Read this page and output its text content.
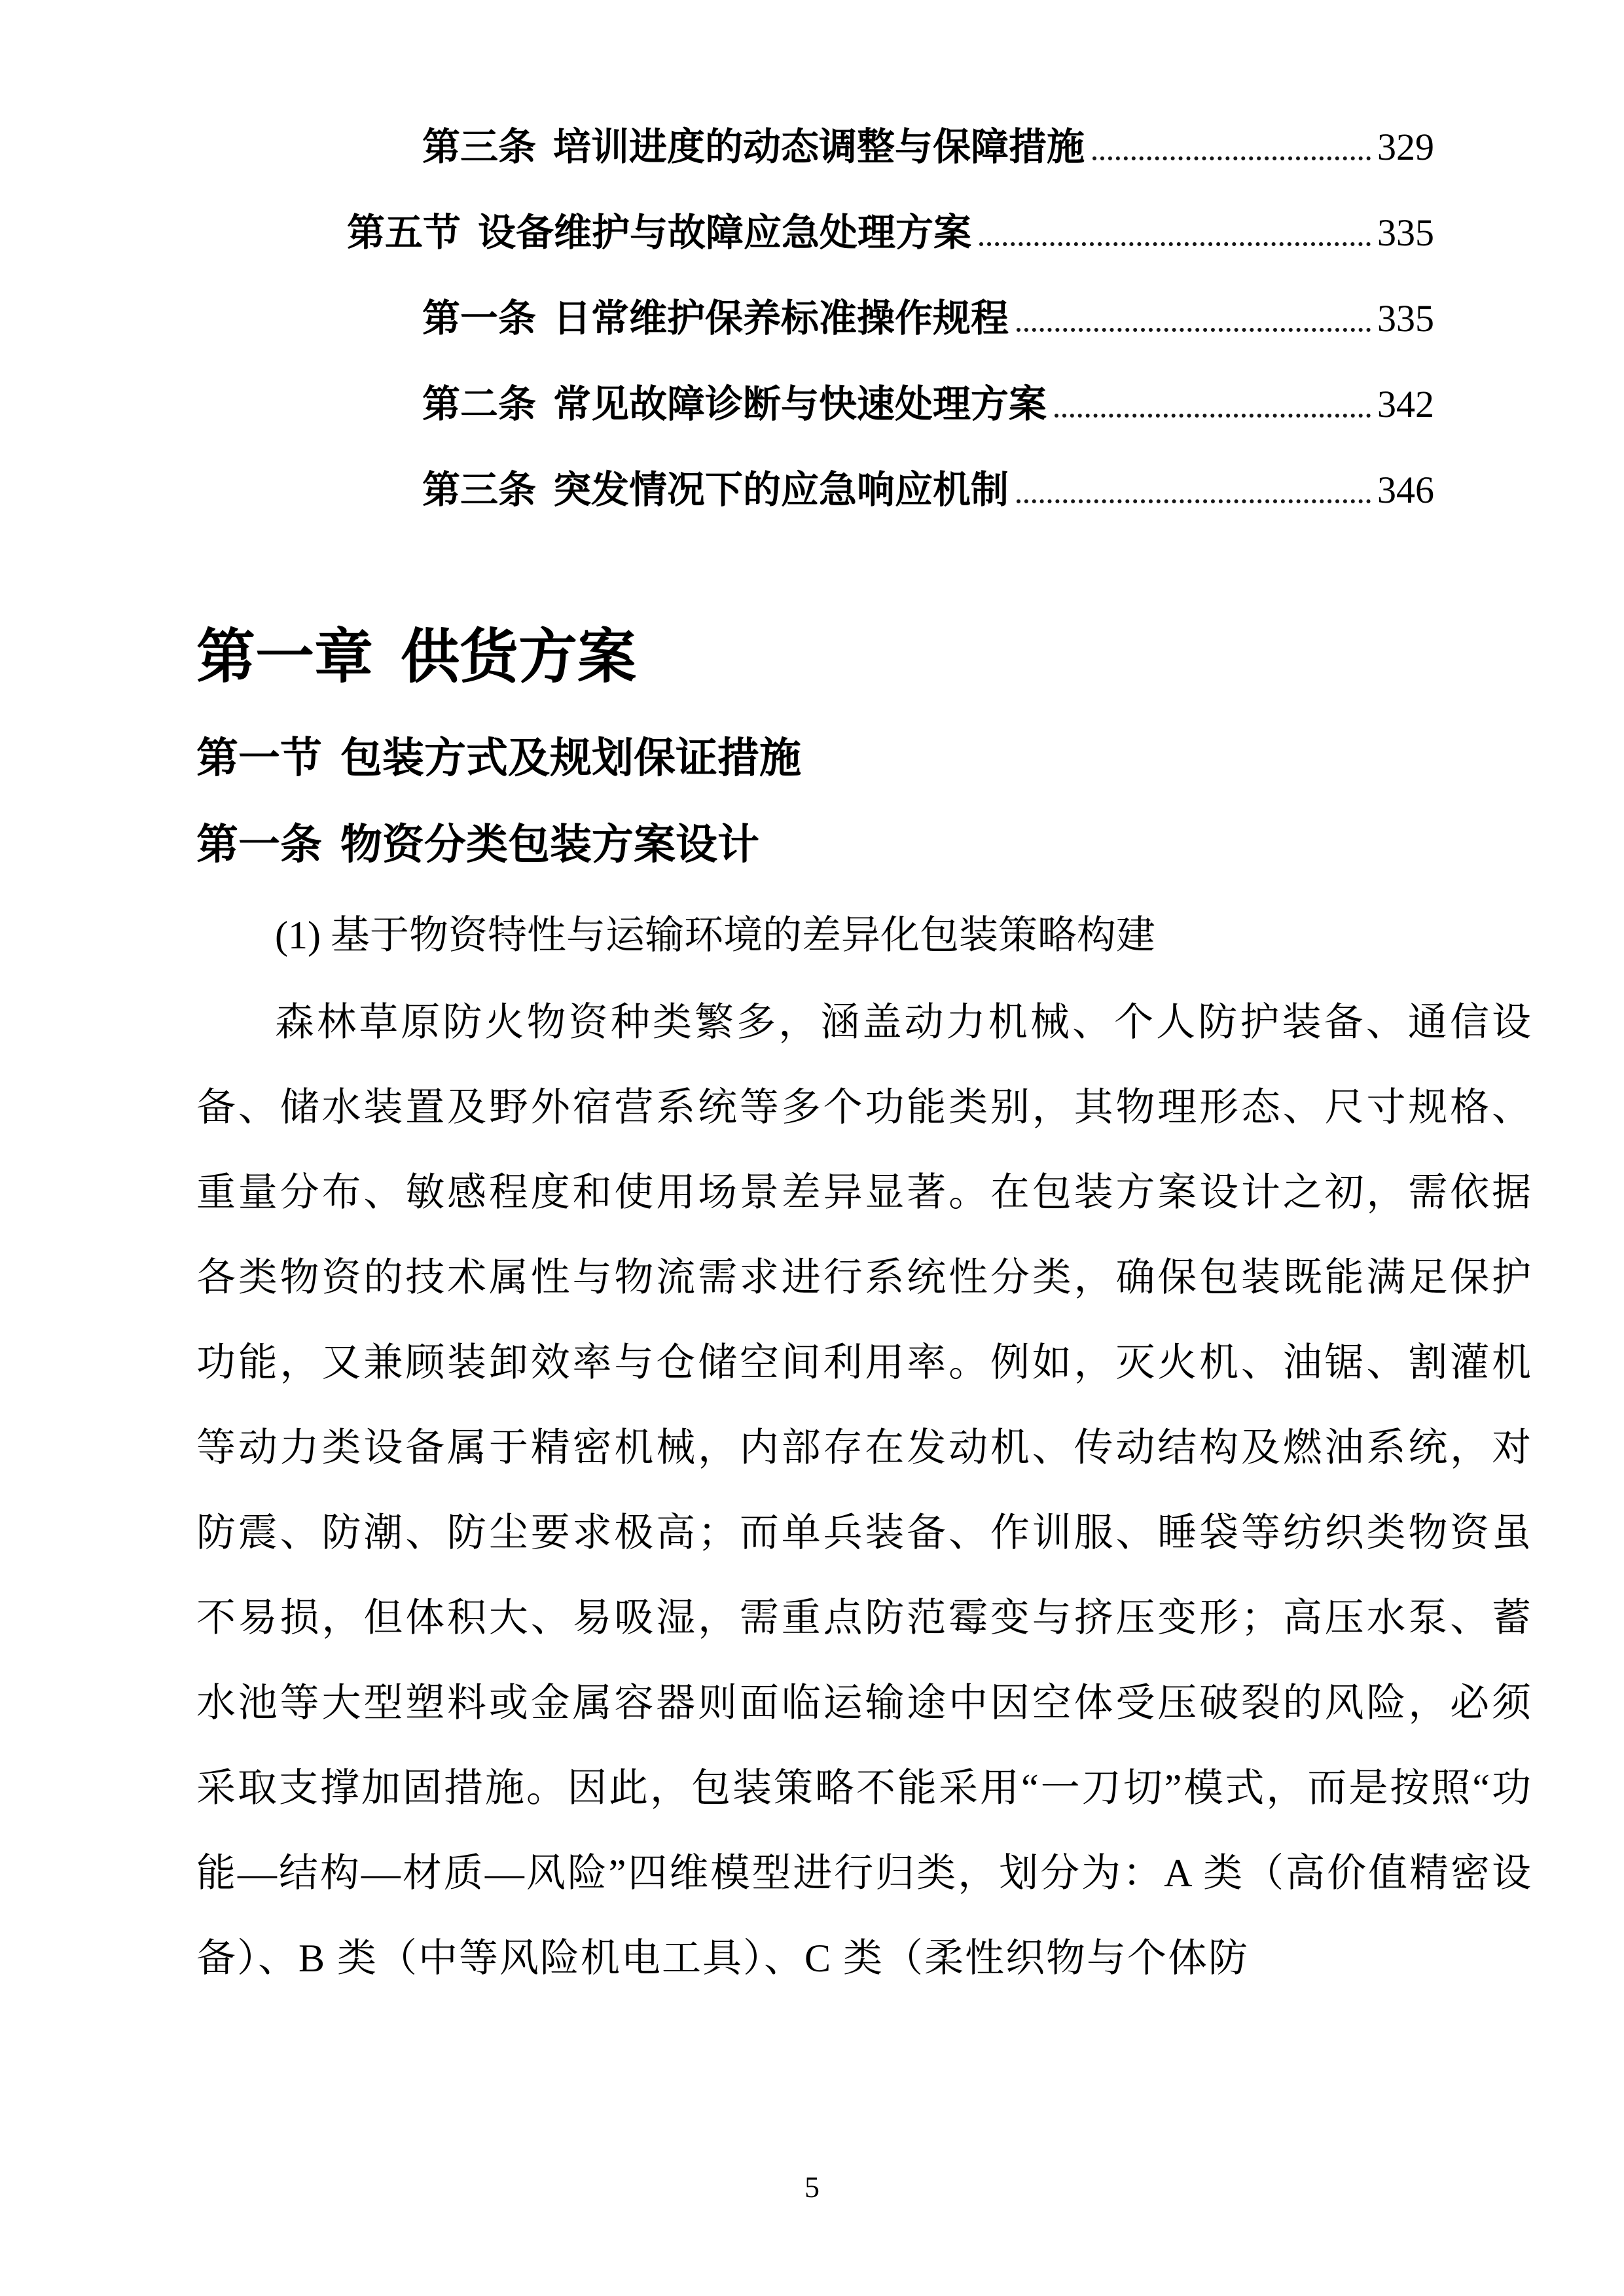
第三条 培训进度的动态调整与保障措施	329
第五节 设备维护与故障应急处理方案	335
第一条 日常维护保养标准操作规程	335
第二条 常见故障诊断与快速处理方案	342
第三条 突发情况下的应急响应机制	346
第一章 供货方案
第一节 包装方式及规划保证措施
第一条 物资分类包装方案设计

(1) 基于物资特性与运输环境的差异化包装策略构建

森林草原防火物资种类繁多，涵盖动力机械、个人防护装备、通信设备、储水装置及野外宿营系统等多个功能类别，其物理形态、尺寸规格、重量分布、敏感程度和使用场景差异显著。在包装方案设计之初，需依据各类物资的技术属性与物流需求进行系统性分类，确保包装既能满足保护功能，又兼顾装卸效率与仓储空间利用率。例如，灭火机、油锯、割灌机等动力类设备属于精密机械，内部存在发动机、传动结构及燃油系统，对防震、防潮、防尘要求极高；而单兵装备、作训服、睡袋等纺织类物资虽不易损，但体积大、易吸湿，需重点防范霉变与挤压变形；高压水泵、蓄水池等大型塑料或金属容器则面临运输途中因空体受压破裂的风险，必须采取支撑加固措施。因此，包装策略不能采用“一刀切”模式，而是按照“功能—结构—材质—风险”四维模型进行归类，划分为：A 类（高价值精密设备）、B 类（中等风险机电工具）、C 类（柔性织物与个体防

5
